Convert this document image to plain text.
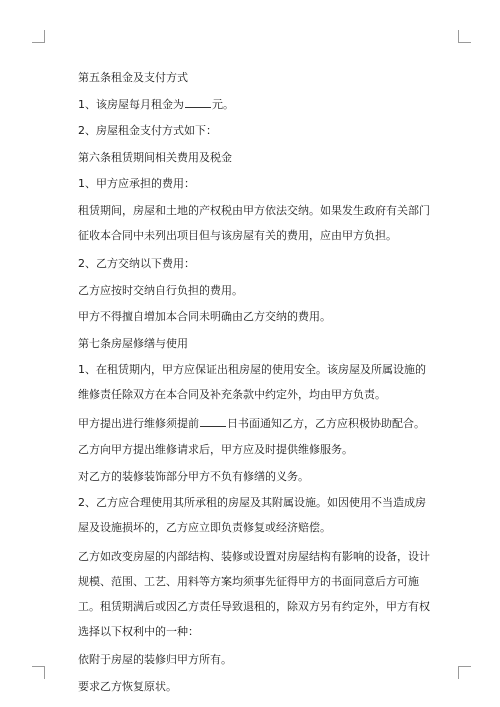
第五条租金及支付方式

1、该房屋每月租金为	元。

2、房屋租金支付方式如下：

第六条租赁期间相关费用及税金

1、甲方应承担的费用：

租赁期间，房屋和土地的产权税由甲方依法交纳。如果发生政府有关部门征收本合同中未列出项目但与该房屋有关的费用，应由甲方负担。

2、乙方交纳以下费用：

乙方应按时交纳自行负担的费用。

甲方不得擅自增加本合同未明确由乙方交纳的费用。

第七条房屋修缮与使用

1、在租赁期内，甲方应保证出租房屋的使用安全。该房屋及所属设施的维修责任除双方在本合同及补充条款中约定外，均由甲方负责。

甲方提出进行维修须提前	日书面通知乙方，乙方应积极协助配合。

乙方向甲方提出维修请求后，甲方应及时提供维修服务。

对乙方的装修装饰部分甲方不负有修缮的义务。

2、乙方应合理使用其所承租的房屋及其附属设施。如因使用不当造成房屋及设施损坏的，乙方应立即负责修复或经济赔偿。

乙方如改变房屋的内部结构、装修或设置对房屋结构有影响的设备，设计规模、范围、工艺、用料等方案均须事先征得甲方的书面同意后方可施工。租赁期满后或因乙方责任导致退租的，除双方另有约定外，甲方有权选择以下权利中的一种：

依附于房屋的装修归甲方所有。

要求乙方恢复原状。
